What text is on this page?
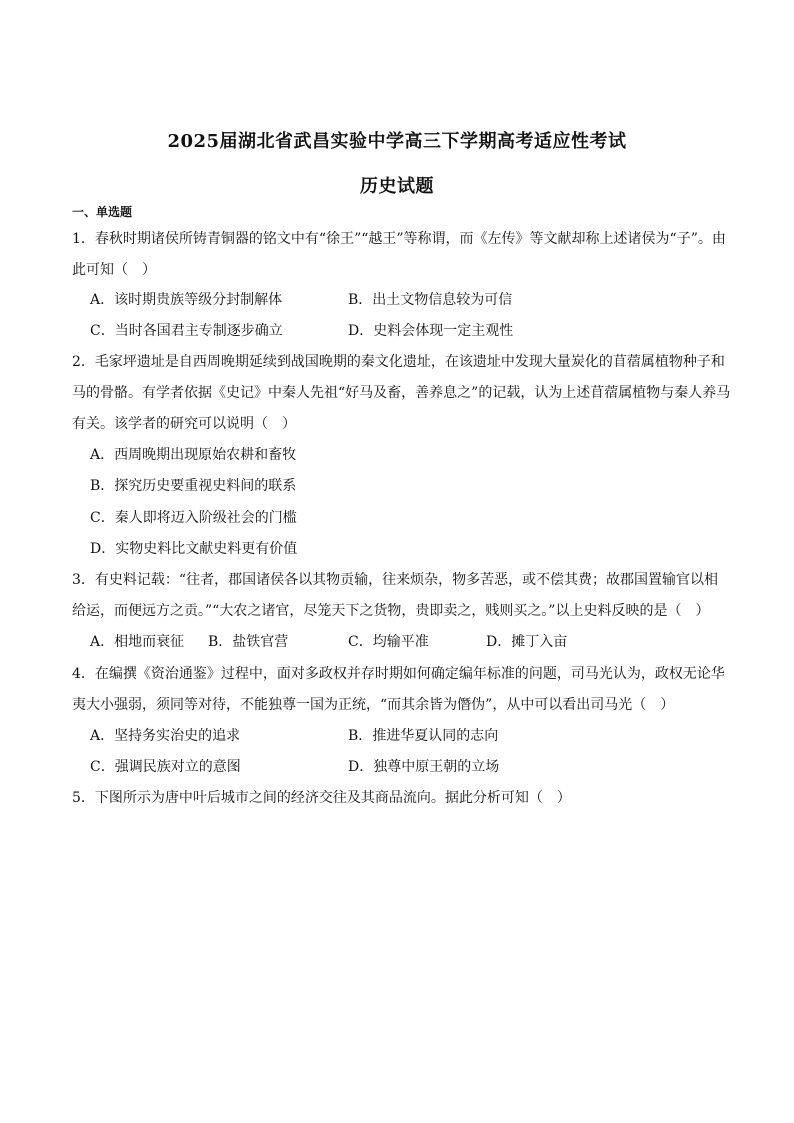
2025届湖北省武昌实验中学高三下学期高考适应性考试
历史试题
一、单选题
1．春秋时期诸侯所铸青铜器的铭文中有“徐王”“越王”等称谓，而《左传》等文献却称上述诸侯为“子”。由
此可知（　）
A．该时期贵族等级分封制解体	B．出土文物信息较为可信
C．当时各国君主专制逐步确立	D．史料会体现一定主观性
2．毛家坪遗址是自西周晚期延续到战国晚期的秦文化遗址，在该遗址中发现大量炭化的苜蓿属植物种子和
马的骨骼。有学者依据《史记》中秦人先祖“好马及畜，善养息之”的记载，认为上述苜蓿属植物与秦人养马
有关。该学者的研究可以说明（　）
A．西周晚期出现原始农耕和畜牧
B．探究历史要重视史料间的联系
C．秦人即将迈入阶级社会的门槛
D．实物史料比文献史料更有价值
3．有史料记载：“往者，郡国诸侯各以其物贡输，往来烦杂，物多苦恶，或不偿其费；故郡国置输官以相
给运，而便远方之贡。”“大农之诸官，尽笼天下之货物，贵即卖之，贱则买之。”以上史料反映的是（　）
A．相地而衰征 B．盐铁官营	C．均输平准	D．摊丁入亩
4．在编撰《资治通鉴》过程中，面对多政权并存时期如何确定编年标准的问题，司马光认为，政权无论华
夷大小强弱，须同等对待，不能独尊一国为正统，“而其余皆为僭伪”，从中可以看出司马光（　）
A．坚持务实治史的追求	B．推进华夏认同的志向
C．强调民族对立的意图	D．独尊中原王朝的立场
5．下图所示为唐中叶后城市之间的经济交往及其商品流向。据此分析可知（　）
